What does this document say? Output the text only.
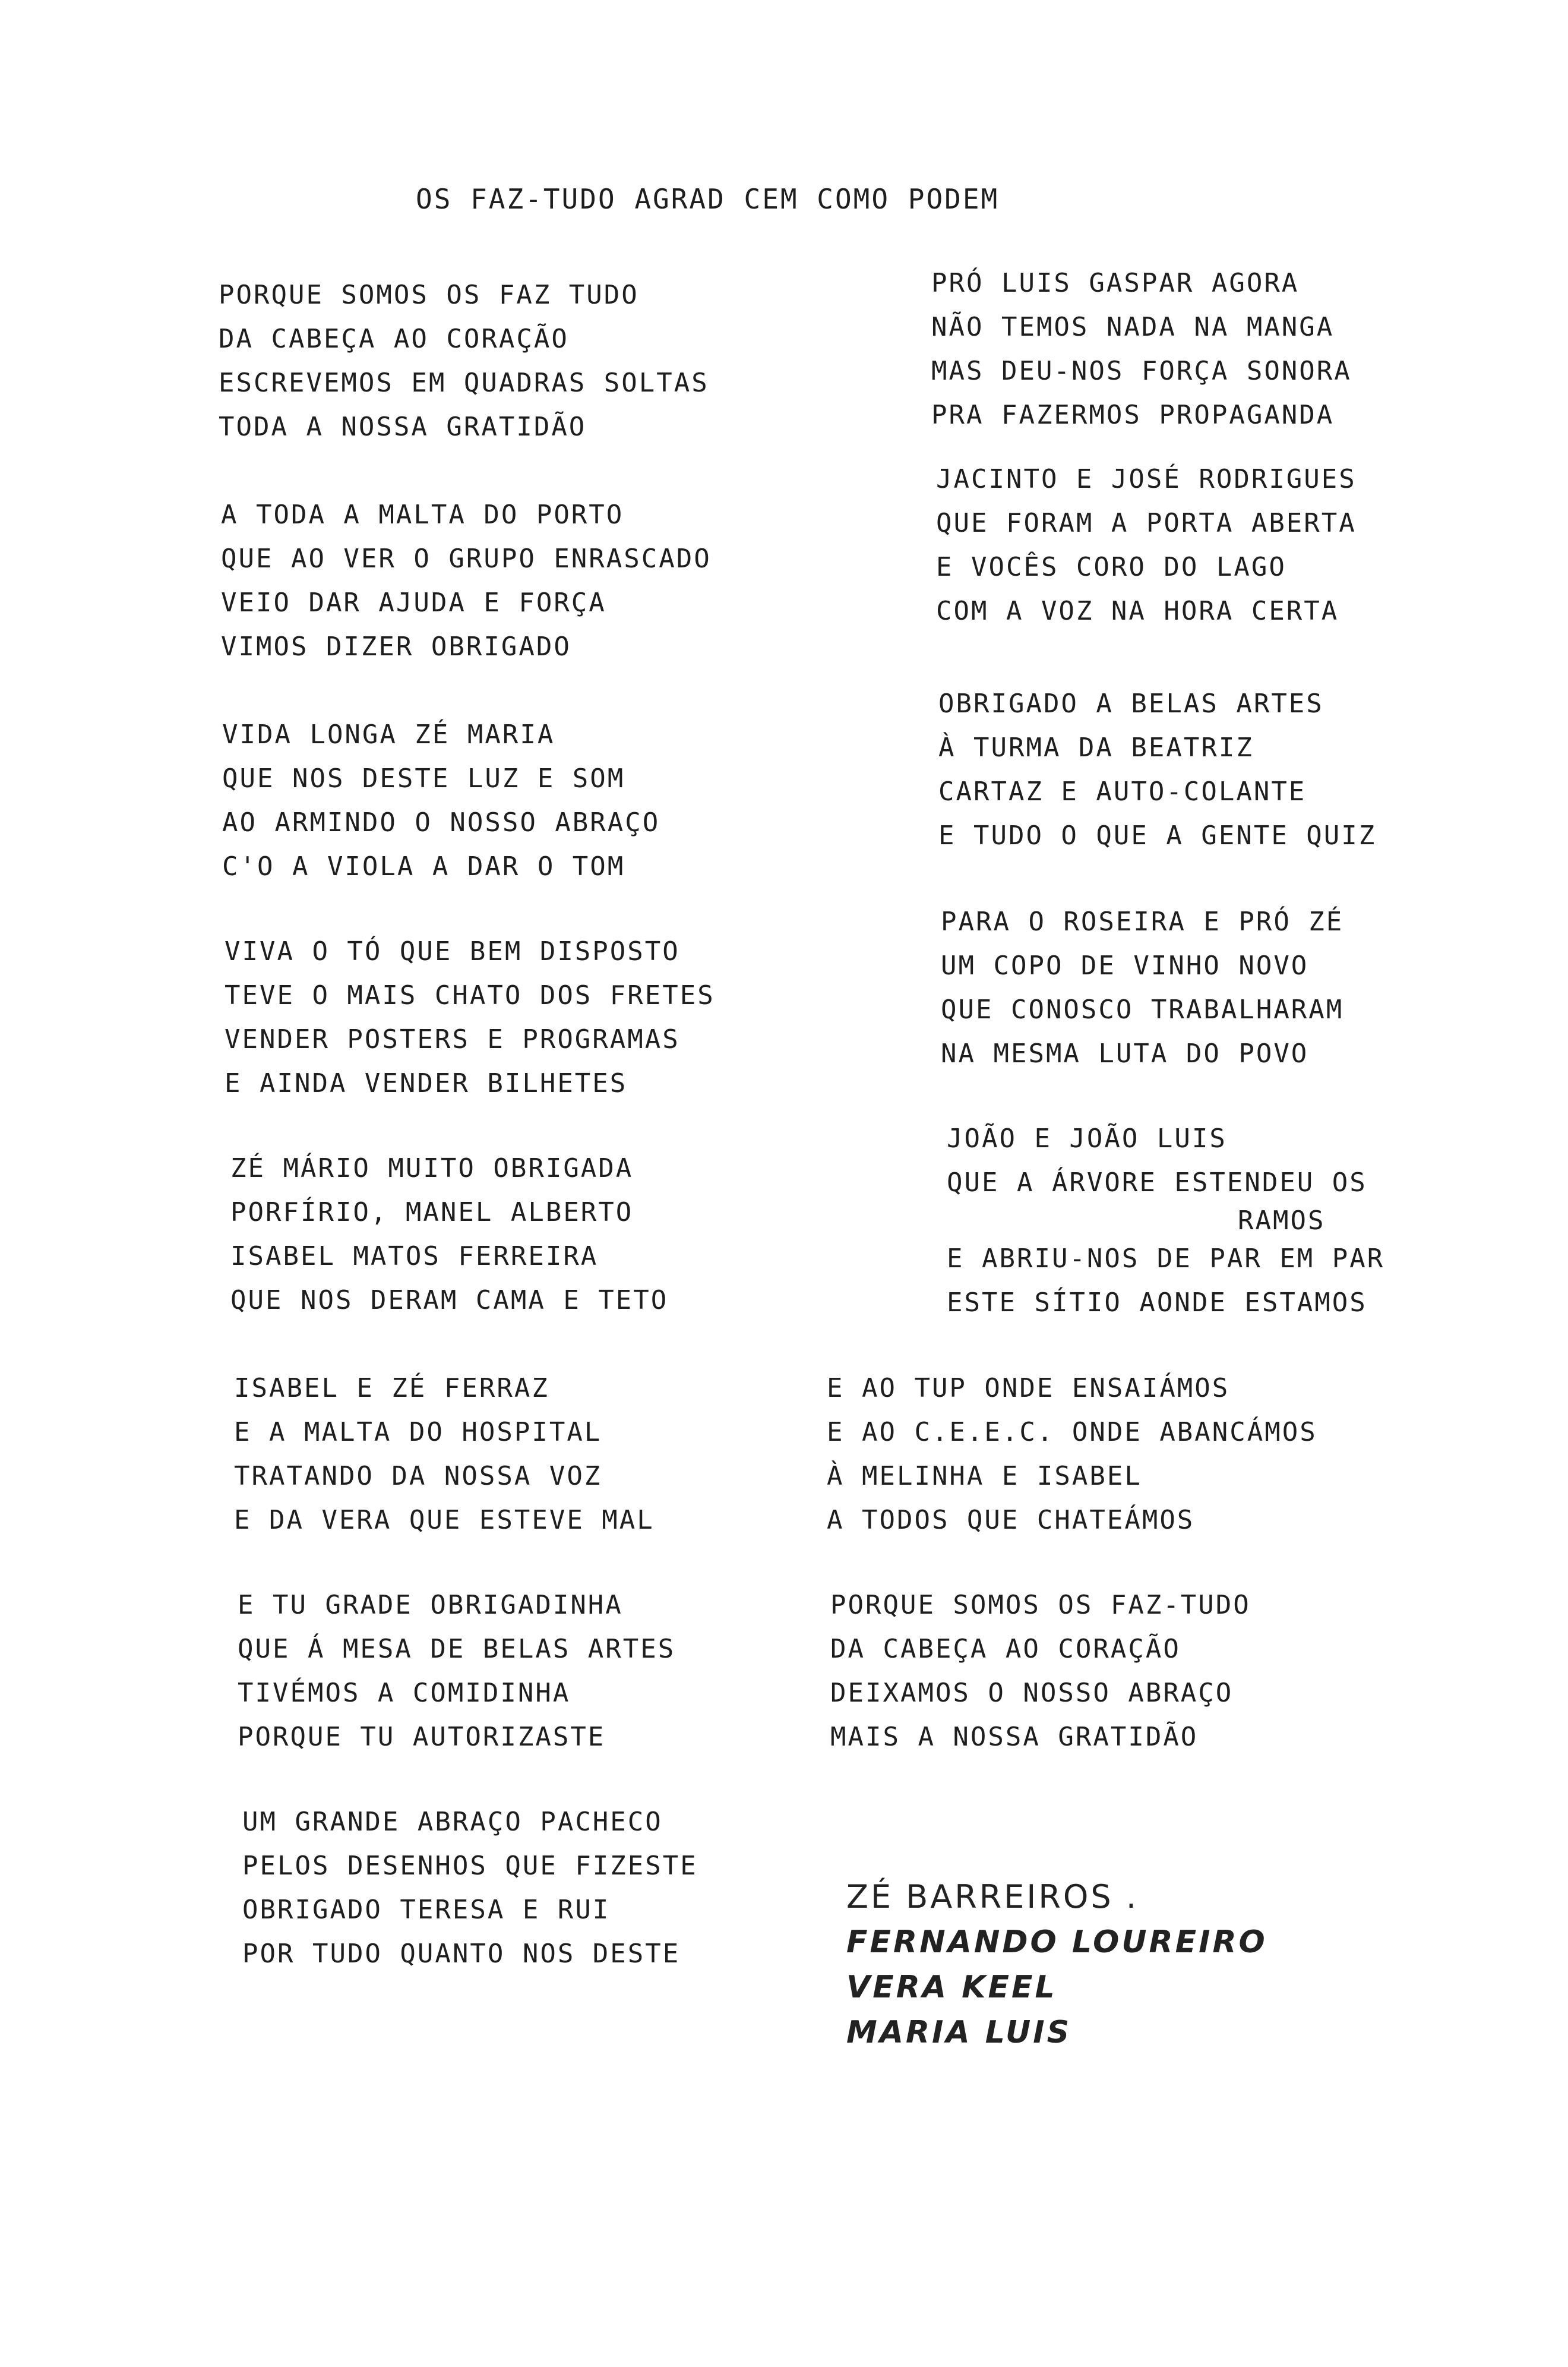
OS FAZ-TUDO AGRAD CEM COMO PODEM
PORQUE SOMOS OS FAZ TUDO
DA CABEÇA AO CORAÇÃO
ESCREVEMOS EM QUADRAS SOLTAS
TODA A NOSSA GRATIDÃO
A TODA A MALTA DO PORTO
QUE AO VER O GRUPO ENRASCADO
VEIO DAR AJUDA E FORÇA
VIMOS DIZER OBRIGADO
VIDA LONGA ZÉ MARIA
QUE NOS DESTE LUZ E SOM
AO ARMINDO O NOSSO ABRAÇO
C'O A VIOLA A DAR O TOM
VIVA O TÓ QUE BEM DISPOSTO
TEVE O MAIS CHATO DOS FRETES
VENDER POSTERS E PROGRAMAS
E AINDA VENDER BILHETES
ZÉ MÁRIO MUITO OBRIGADA
PORFÍRIO, MANEL ALBERTO
ISABEL MATOS FERREIRA
QUE NOS DERAM CAMA E TETO
ISABEL E ZÉ FERRAZ
E A MALTA DO HOSPITAL
TRATANDO DA NOSSA VOZ
E DA VERA QUE ESTEVE MAL
E TU GRADE OBRIGADINHA
QUE Á MESA DE BELAS ARTES
TIVÉMOS A COMIDINHA
PORQUE TU AUTORIZASTE
UM GRANDE ABRAÇO PACHECO
PELOS DESENHOS QUE FIZESTE
OBRIGADO TERESA E RUI
POR TUDO QUANTO NOS DESTE
PRÓ LUIS GASPAR AGORA
NÃO TEMOS NADA NA MANGA
MAS DEU-NOS FORÇA SONORA
PRA FAZERMOS PROPAGANDA
JACINTO E JOSÉ RODRIGUES
QUE FORAM A PORTA ABERTA
E VOCÊS CORO DO LAGO
COM A VOZ NA HORA CERTA
OBRIGADO A BELAS ARTES
À TURMA DA BEATRIZ
CARTAZ E AUTO-COLANTE
E TUDO O QUE A GENTE QUIZ
PARA O ROSEIRA E PRÓ ZÉ
UM COPO DE VINHO NOVO
QUE CONOSCO TRABALHARAM
NA MESMA LUTA DO POVO
JOÃO E JOÃO LUIS
QUE A ÁRVORE ESTENDEU OS
RAMOS
E ABRIU-NOS DE PAR EM PAR
ESTE SÍTIO AONDE ESTAMOS
E AO TUP ONDE ENSAIÁMOS
E AO C.E.E.C. ONDE ABANCÁMOS
À MELINHA E ISABEL
A TODOS QUE CHATEÁMOS
PORQUE SOMOS OS FAZ-TUDO
DA CABEÇA AO CORAÇÃO
DEIXAMOS O NOSSO ABRAÇO
MAIS A NOSSA GRATIDÃO
ZÉ BARREIROS .
FERNANDO LOUREIRO
VERA KEEL
MARIA LUIS
